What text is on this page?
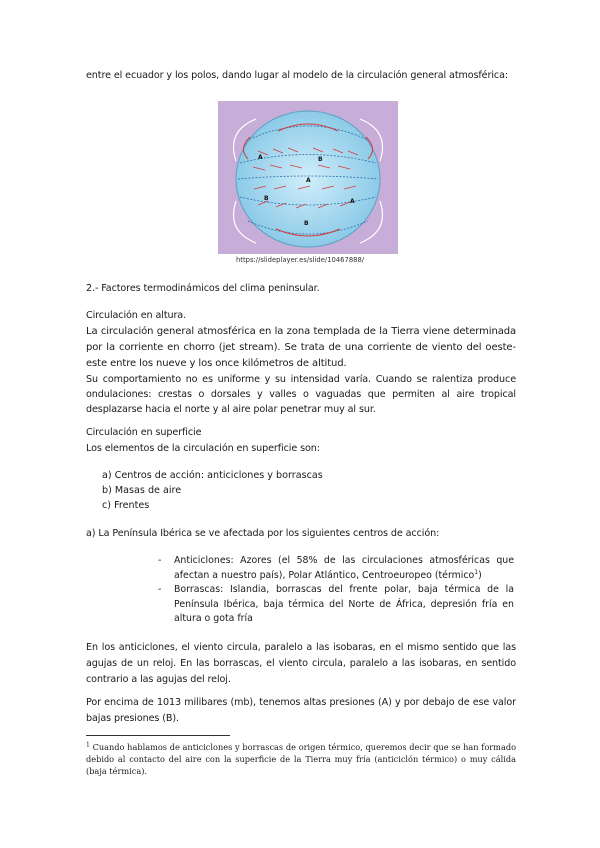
entre el ecuador y los polos, dando lugar al modelo de la circulación general atmosférica:

A	B
A
B	A
B
https://slideplayer.es/slide/10467888/

2.- Factores termodinámicos del clima peninsular.

Circulación en altura.

La circulación general atmosférica en la zona templada de la Tierra viene determinada por la corriente en chorro (jet stream). Se trata de una corriente de viento del oeste-este entre los nueve y los once kilómetros de altitud.

Su comportamiento no es uniforme y su intensidad varía. Cuando se ralentiza produce ondulaciones: crestas o dorsales y valles o vaguadas que permiten al aire tropical desplazarse hacia el norte y al aire polar penetrar muy al sur.

Circulación en superficie

Los elementos de la circulación en superficie son:

a) Centros de acción: anticiclones y borrascas
b) Masas de aire
c) Frentes

a) La Península Ibérica se ve afectada por los siguientes centros de acción:

-	Anticiclones: Azores (el 58% de las circulaciones atmosféricas que afectan a nuestro país), Polar Atlántico, Centroeuropeo (térmico$^1$)
-	Borrascas: Islandia, borrascas del frente polar, baja térmica de la Península Ibérica, baja térmica del Norte de África, depresión fría en altura o gota fría

En los anticiclones, el viento circula, paralelo a las isobaras, en el mismo sentido que las agujas de un reloj. En las borrascas, el viento circula, paralelo a las isobaras, en sentido contrario a las agujas del reloj.

Por encima de 1013 milibares (mb), tenemos altas presiones (A) y por debajo de ese valor bajas presiones (B).

$^1$ Cuando hablamos de anticiclones y borrascas de origen térmico, queremos decir que se han formado debido al contacto del aire con la superficie de la Tierra muy fría (anticiclón térmico) o muy cálida (baja térmica).
